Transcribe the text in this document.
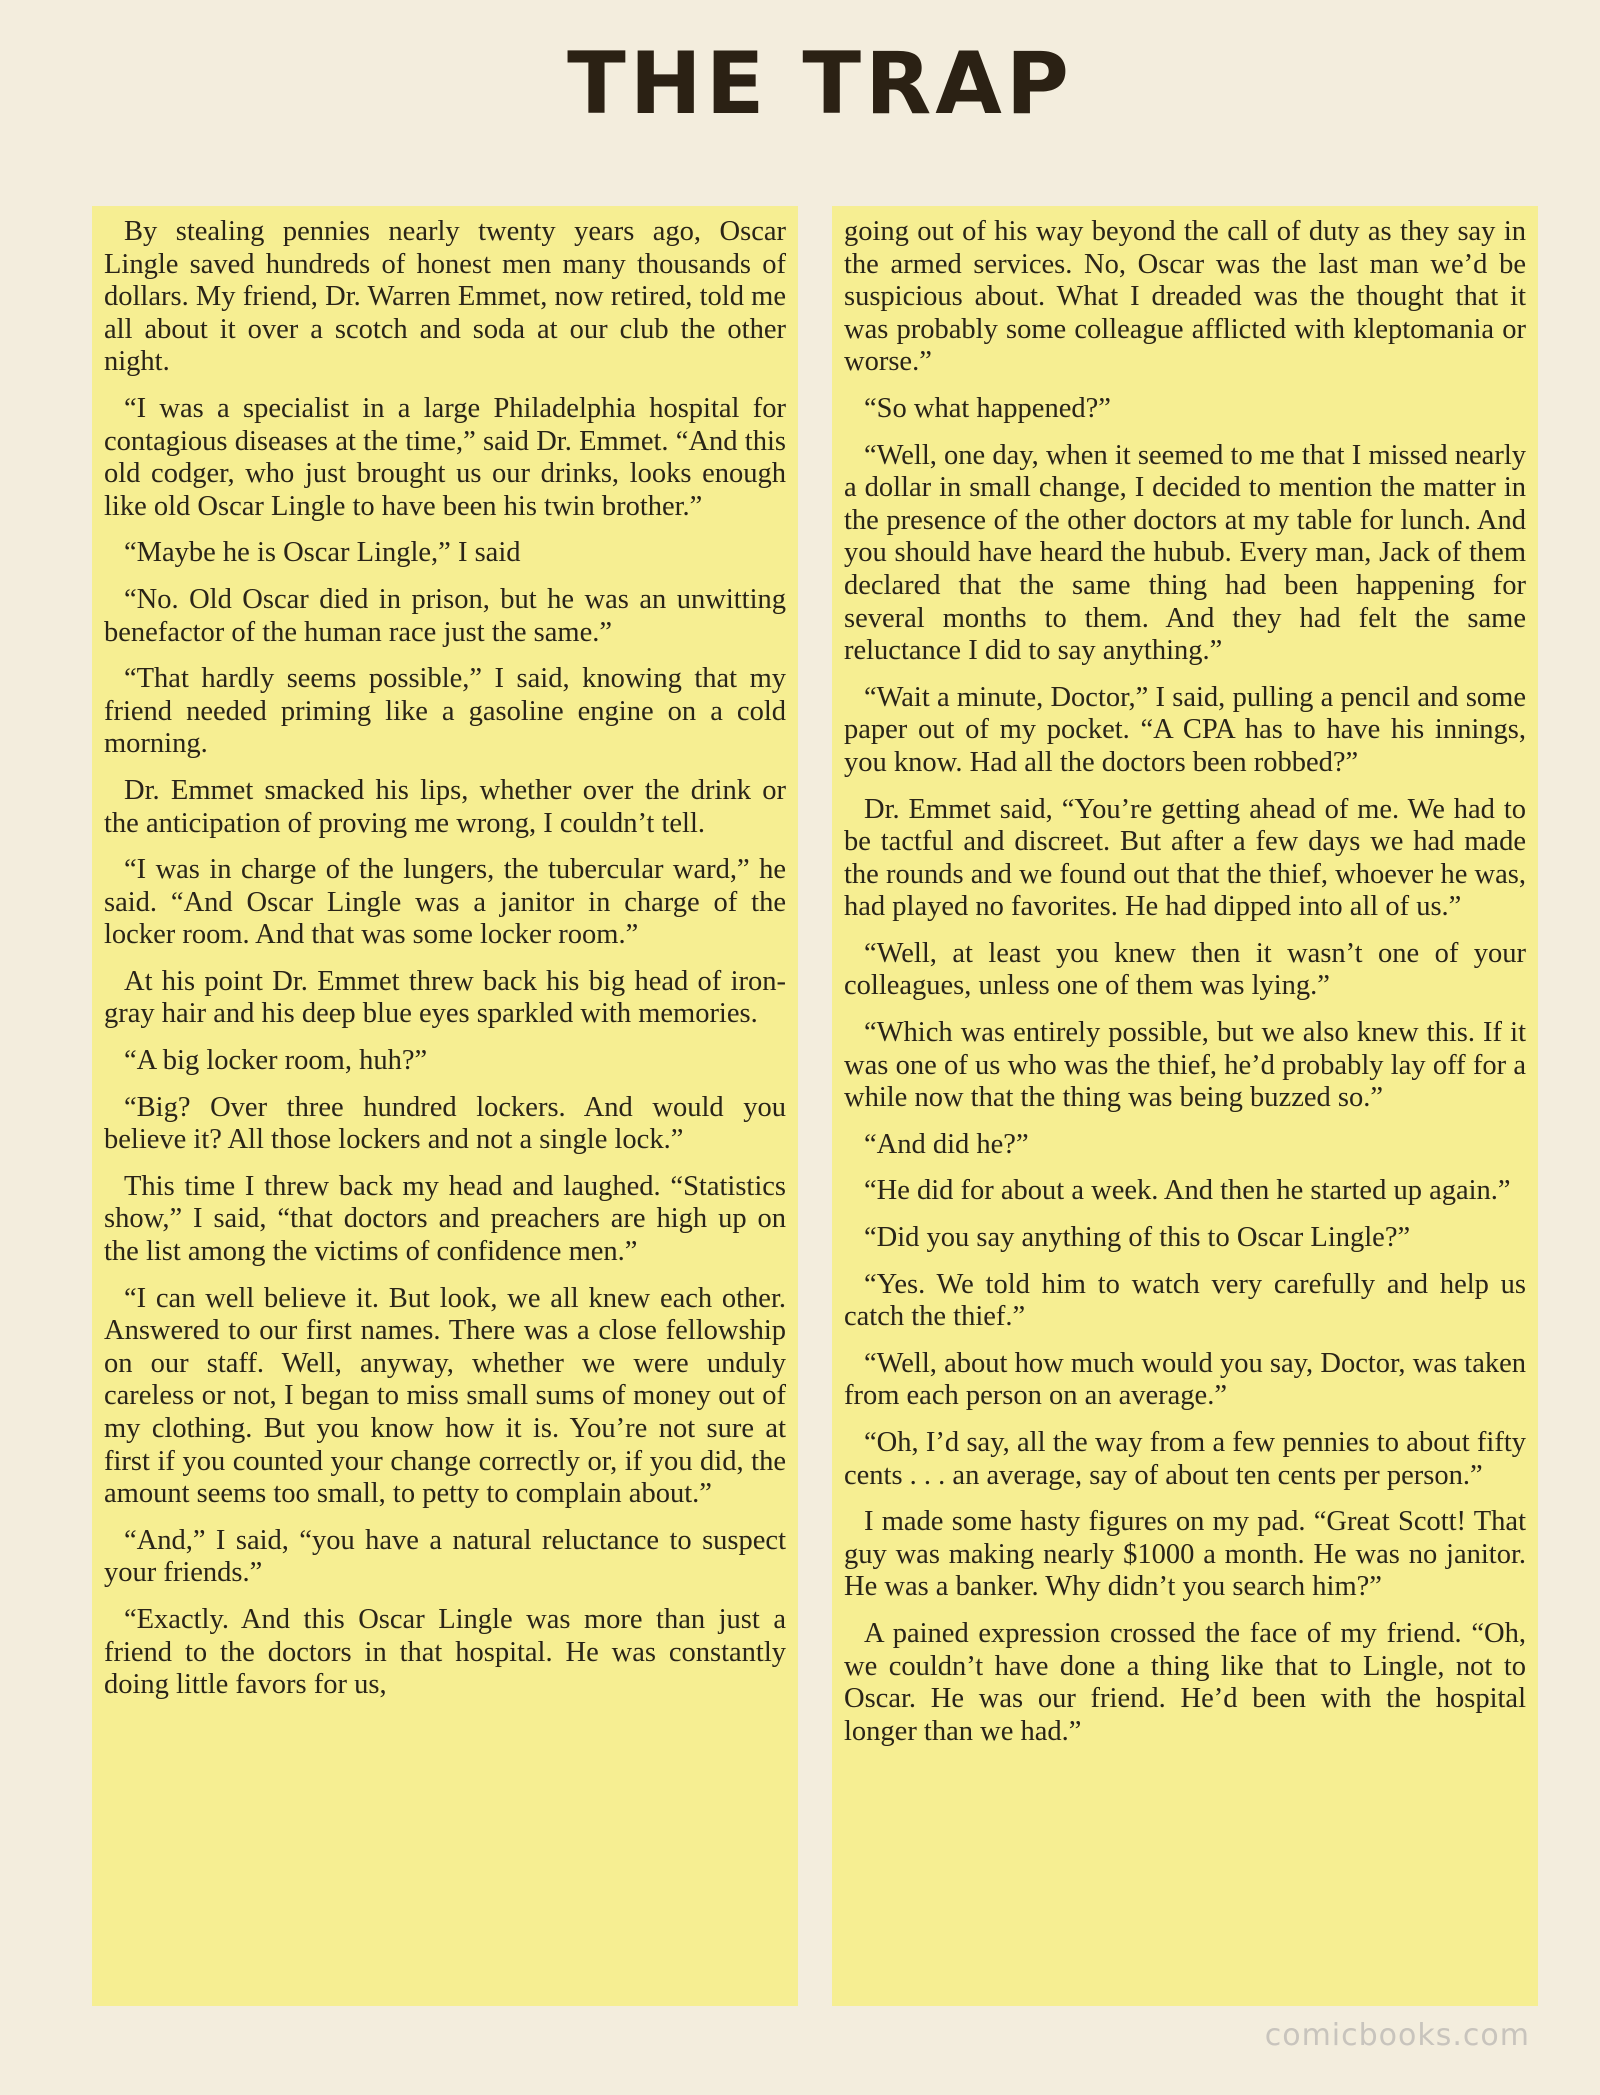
THE TRAP

By stealing pennies nearly twenty years ago, Oscar Lingle saved hundreds of honest men many thousands of dollars. My friend, Dr. Warren Emmet, now retired, told me all about it over a scotch and soda at our club the other night.

“I was a specialist in a large Philadelphia hospital for contagious diseases at the time,” said Dr. Emmet. “And this old codger, who just brought us our drinks, looks enough like old Oscar Lingle to have been his twin brother.”

“Maybe he is Oscar Lingle,” I said

“No. Old Oscar died in prison, but he was an unwitting benefactor of the human race just the same.”

“That hardly seems possible,” I said, knowing that my friend needed priming like a gasoline engine on a cold morning.

Dr. Emmet smacked his lips, whether over the drink or the anticipation of proving me wrong, I couldn’t tell.

“I was in charge of the lungers, the tubercular ward,” he said. “And Oscar Lingle was a janitor in charge of the locker room. And that was some locker room.”

At his point Dr. Emmet threw back his big head of iron-gray hair and his deep blue eyes sparkled with memories.

“A big locker room, huh?”

“Big? Over three hundred lockers. And would you believe it? All those lockers and not a single lock.”

This time I threw back my head and laughed. “Statistics show,” I said, “that doctors and preachers are high up on the list among the victims of confidence men.”

“I can well believe it. But look, we all knew each other. Answered to our first names. There was a close fellowship on our staff. Well, anyway, whether we were unduly careless or not, I began to miss small sums of money out of my clothing. But you know how it is. You’re not sure at first if you counted your change correctly or, if you did, the amount seems too small, to petty to complain about.”

“And,” I said, “you have a natural reluctance to suspect your friends.”

“Exactly. And this Oscar Lingle was more than just a friend to the doctors in that hospital. He was constantly doing little favors for us,

going out of his way beyond the call of duty as they say in the armed services. No, Oscar was the last man we’d be suspicious about. What I dreaded was the thought that it was probably some colleague afflicted with kleptomania or worse.”

“So what happened?”

“Well, one day, when it seemed to me that I missed nearly a dollar in small change, I decided to mention the matter in the presence of the other doctors at my table for lunch. And you should have heard the hubub. Every man, Jack of them declared that the same thing had been happening for several months to them. And they had felt the same reluctance I did to say anything.”

“Wait a minute, Doctor,” I said, pulling a pencil and some paper out of my pocket. “A CPA has to have his innings, you know. Had all the doctors been robbed?”

Dr. Emmet said, “You’re getting ahead of me. We had to be tactful and discreet. But after a few days we had made the rounds and we found out that the thief, whoever he was, had played no favorites. He had dipped into all of us.”

“Well, at least you knew then it wasn’t one of your colleagues, unless one of them was lying.”

“Which was entirely possible, but we also knew this. If it was one of us who was the thief, he’d probably lay off for a while now that the thing was being buzzed so.”

“And did he?”

“He did for about a week. And then he started up again.”

“Did you say anything of this to Oscar Lingle?”

“Yes. We told him to watch very carefully and help us catch the thief.”

“Well, about how much would you say, Doctor, was taken from each person on an average.”

“Oh, I’d say, all the way from a few pennies to about fifty cents . . . an average, say of about ten cents per person.”

I made some hasty figures on my pad. “Great Scott! That guy was making nearly $1000 a month. He was no janitor. He was a banker. Why didn’t you search him?”

A pained expression crossed the face of my friend. “Oh, we couldn’t have done a thing like that to Lingle, not to Oscar. He was our friend. He’d been with the hospital longer than we had.”

comicbooks.com
